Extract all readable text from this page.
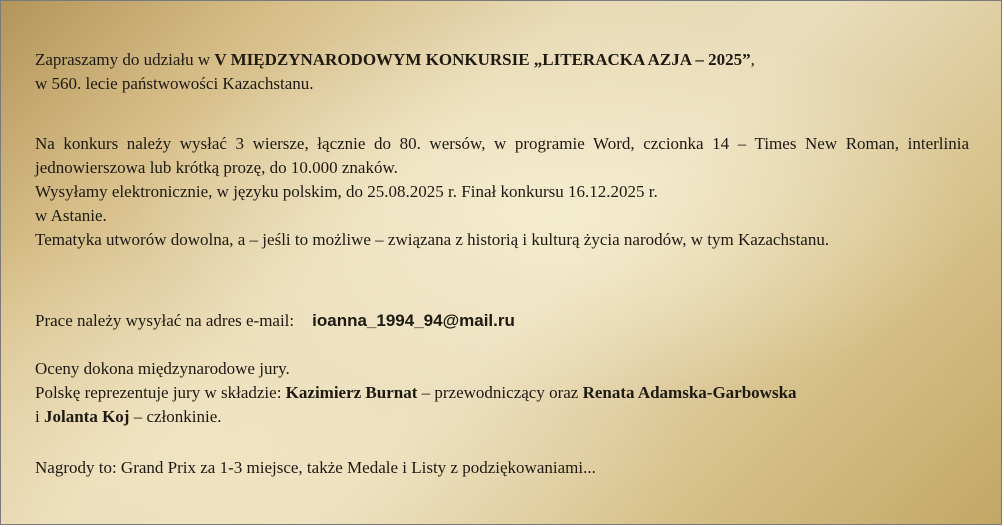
Zapraszamy do udziału w V MIĘDZYNARODOWYM KONKURSIE „LITERACKA AZJA – 2025”,
w 560. lecie państwowości Kazachstanu.
Na konkurs należy wysłać 3 wiersze, łącznie do 80. wersów, w programie Word, czcionka 14 – Times New Roman, interlinia jednowierszowa lub krótką prozę, do 10.000 znaków.
Wysyłamy elektronicznie, w języku polskim, do 25.08.2025 r. Finał konkursu 16.12.2025 r.
w Astanie.
Tematyka utworów dowolna, a – jeśli to możliwe – związana z historią i kulturą życia narodów, w tym Kazachstanu.
Prace należy wysyłać na adres e-mail: ioanna_1994_94@mail.ru
Oceny dokona międzynarodowe jury.
Polskę reprezentuje jury w składzie: Kazimierz Burnat – przewodniczący oraz Renata Adamska-Garbowska
i Jolanta Koj – członkinie.
Nagrody to: Grand Prix za 1-3 miejsce, także Medale i Listy z podziękowaniami...
